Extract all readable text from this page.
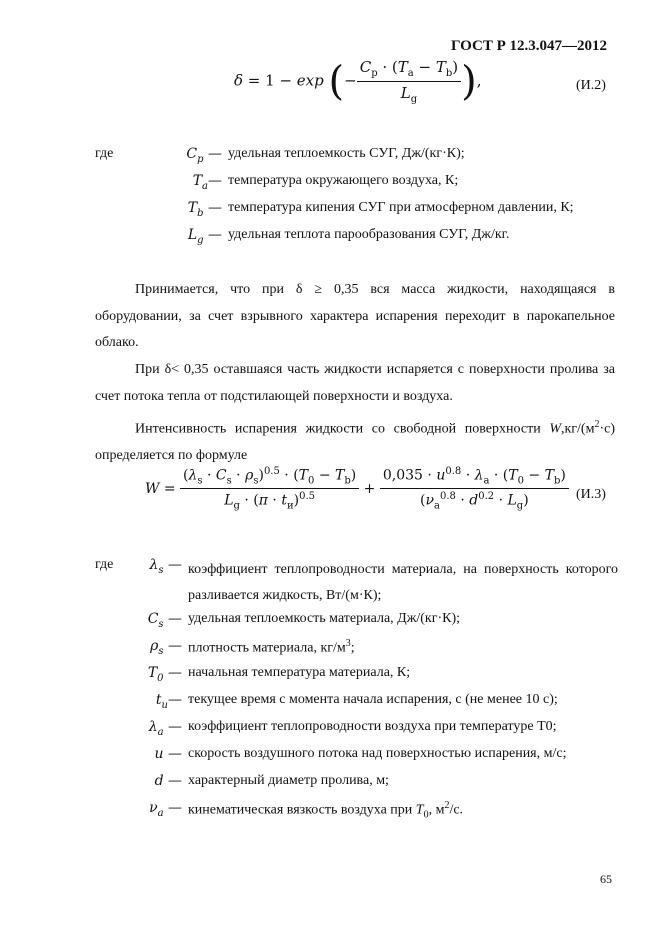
ГОСТ Р 12.3.047—2012
δ = 1 − exp (− $\frac{C_p \cdot (T_a - T_b)}{L_g}$ ),	(И.2)
где	$C_p$ — удельная теплоемкость СУГ, Дж/(кг·К);
$T_a—$ температура окружающего воздуха, К;
$T_b$ — температура кипения СУГ при атмосферном давлении, К;
$L_g$ — удельная теплота парообразования СУГ, Дж/кг.
Принимается, что при δ ≥ 0,35 вся масса жидкости, находящаяся в оборудовании, за счет взрывного характера испарения переходит в парокапельное облако.
При δ< 0,35 оставшаяся часть жидкости испаряется с поверхности пролива за счет потока тепла от подстилающей поверхности и воздуха.
Интенсивность испарения жидкости со свободной поверхности $W,кг/(м^2\cdot с)$ определяется по формуле
$W = \frac{(\lambda_s \cdot C_s \cdot \rho_s)^{0.5} \cdot (T_0 - T_b)}{L_g \cdot (\pi \cdot t_и)^{0.5}} + \frac{0,035 \cdot u^{0.8} \cdot \lambda_a \cdot (T_0 - T_b)}{(\nu_a^{0.8} \cdot d^{0.2} \cdot L_g)} (И.3)$
где	$\lambda_s$ — коэффициент теплопроводности материала, на поверхность которого разливается жидкость, Вт/(м·К);
$C_s$ — удельная теплоемкость материала, Дж/(кг·К);
$\rho_s$ — плотность материала, $кг/м^3$;
$T_0$ — начальная температура материала, К;
$t_и—$ текущее время с момента начала испарения, с (не менее 10 с);
$\lambda_a$ — коэффициент теплопроводности воздуха при температуре Т0;
u — скорость воздушного потока над поверхностью испарения, м/с;
d — характерный диаметр пролива, м;
$\nu_a$ — кинематическая вязкость воздуха при $T_0$, $м^2/с$.
65
